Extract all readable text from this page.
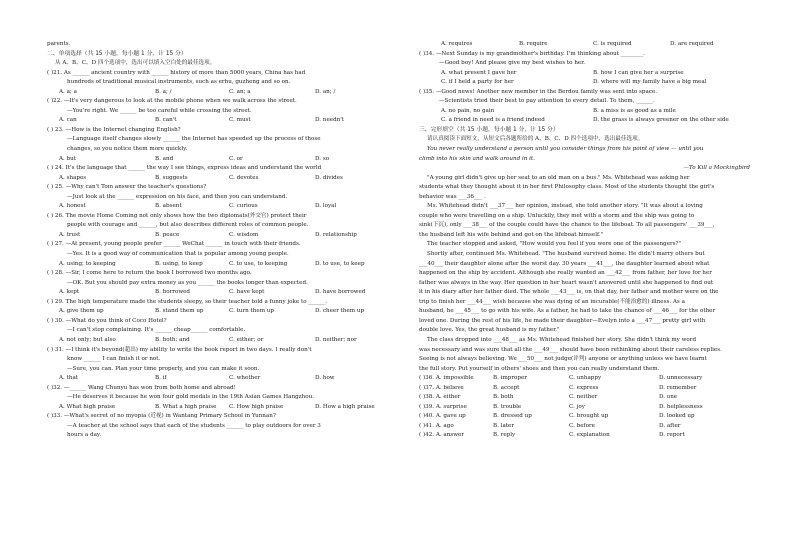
parents.
二、单项选择（共 15 小题，每小题 1 分，计 15 分）
从 A、B、C、D 四个选项中，选出可以填入空白处的最佳选项。
( )21. As ______ ancient country with ______ history of more than 5000 years, China has had
hundreds of traditional musical instruments, such as erhu, guzheng and so on.
A. a; a	B. a; /	C. an; a	D. an; /
( )22. —It's very dangerous to look at the mobile phone when we walk across the street.
—You're right. We ______ be too careful while crossing the street.
A. can	B. can't	C. must	D. needn't
( ) 23. —How is the Internet changing English?
—Language itself changes slowly ______ the Internet has speeded up the process of those
changes, so you notice them more quickly.
A. but	B. and	C. or	D. so
( ) 24. It's the language that ______ the way I see things, express ideas and understand the world
A. shapes	B. suggests	C. devotes	D. divides
( ) 25. —Why can't Tom answer the teacher's questions?
—Just look at the ______ expression on his face, and then you can understand.
A. honest	B. absent	C. curious	D. loyal
( ) 26. The movie Home Coming not only shows how the two diplomats(外交官) protect their
people with courage and ______, but also describes different roles of common people.
A. trust	B. peace	C. wisdom	D. relationship
( ) 27. —At present, young people prefer ______ WeChat ______ in touch with their friends.
—Yes. It is a good way of communication that is popular among young people.
A. using; to keeping	B. using, to keep	C. to use, to keeping	D. to use, to keep
( ) 28. —Sir, I come here to return the book I borrowed two months ago.
—OK. But you should pay extra money as you ______ the books longer than expected.
A. kept	B. borrowed	C. have kept	D. have borrowed
( ) 29. The high temperature made the students sleepy, so their teacher told a funny joke to ______.
A. give them up	B. stand them up	C. turn them up	D. cheer them up
( ) 30. —What do you think of Coco Hotel?
—I can't stop complaining. It's ______ cheap______ comfortable.
A. not only; but also	B. both; and	C. either; or	D. neither; nor
( ) 31. —I think it's beyond(超出) my ability to write the book report in two days. I really don't
know ______ I can finish it or not.
—Sure, you can. Plan your time properly, and you can make it soon.
A. that	B. if	C. whether	D. how
( )32. —______ Wang Chunyu has won from both home and abroad!
—He deserves it because he won four gold medals in the 19th Asian Games Hangzhou.
A. What high praise	B. What a high praise C. How high praise	D. How a high praise
( )33. —What's secret of no myopia (近视) in Wantang Primary School in Yunnan?
—A teacher at the school says that each of the students ______ to play outdoors for over 3
hours a day.
A. requires	B. require	C. is required	D. are required
( )34. —Next Sunday is my grandmother's birthday. I'm thinking about ________.
—Good boy! And please give my best wishes to her.
A. what present I gave her	B. how I can give her a surprise
C. if I held a party for her	D. where will my family have a big meal
( )35. —Good news! Another new member in the Berdou family was sent into space.
—Scientists tried their best to pay attention to every detail. To them, ______.
A. no pain, no gain	B. a miss is as good as a mile
C. a friend in need is a friend indeed	D. the grass is always greener on the other side
三、完形填空（共 15 小题，每小题 1 分，计 15 分）
请认真阅读下面短文，从短文后各题所给的 A、B、C、D 四个选项中，选出最佳选项。
You never really understand a person until you consider things from his point of view — until you
climb into his skin and walk around in it.
—To Kill a Mockingbird
"A young girl didn't give up her seat to an old man on a bus." Ms. Whitehead was asking her
students what they thought about it in her first Philosophy class. Most of the students thought the girl's
behavior was ___36___ .
Ms. Whitehead didn't ___37___ her opinion, instead, she told another story. "It was about a loving
couple who were travelling on a ship. Unluckily, they met with a storm and the ship was going to
sink(下沉), only ___38___ of the couple could have the chance to the lifeboat. To all passengers' ___39___,
the husband left his wife behind and got on the lifeboat himself."
The teacher stopped and asked, "How would you feel if you were one of the passengers?"
Shortly after, continued Ms. Whitehead. "The husband survived home. He didn't marry others but
___40___ their daughter alone after the worst day. 30 years ___41___, the daughter learned about what
happened on the ship by accident. Although she really wanted an ___42___ from father, her love for her
father was always in the way. Her question in her heart wasn't answered until she happened to find out
it in his diary after her father died. The whole ___43___ is, on that day, her father and mother were on the
trip to finish her ___44___ wish because she was dying of an incurable(不能治愈的) illness. As a
husband, he ___45___ to go with his wife. As a father, he had to take the chance of ___46___ for the other
loved one. During the rest of his life, he made their daughter—Evelyn into a ___47___ pretty girl with
double love. Yes, the great husband is my father."
The class dropped into ___48___ as Ms. Whitehead finished her story. She didn't think my word
was necessary and was sure that all the ___49___ should have been rethinking about their careless replies.
Seeing is not always believing. We ___50___ not judge(评判) anyone or anything unless we have learnt
the full story. Put yourself in others' shoes and then you can really understand them.
( )36. A. impossible	B. improper	C. unhappy	D. unnecessary
( )37. A. believe	B. accept	C. express	D. remember
( )38. A. either	B. both	C. neither	D. one
( )39. A. surprise	B. trouble	C. joy	D. helplessness
( )40. A. gave up	B. dressed up	C. brought up	D. looked up
( )41. A. ago	B. later	C. before	D. after
( )42. A. answer	B. reply	C. explanation	D. report
